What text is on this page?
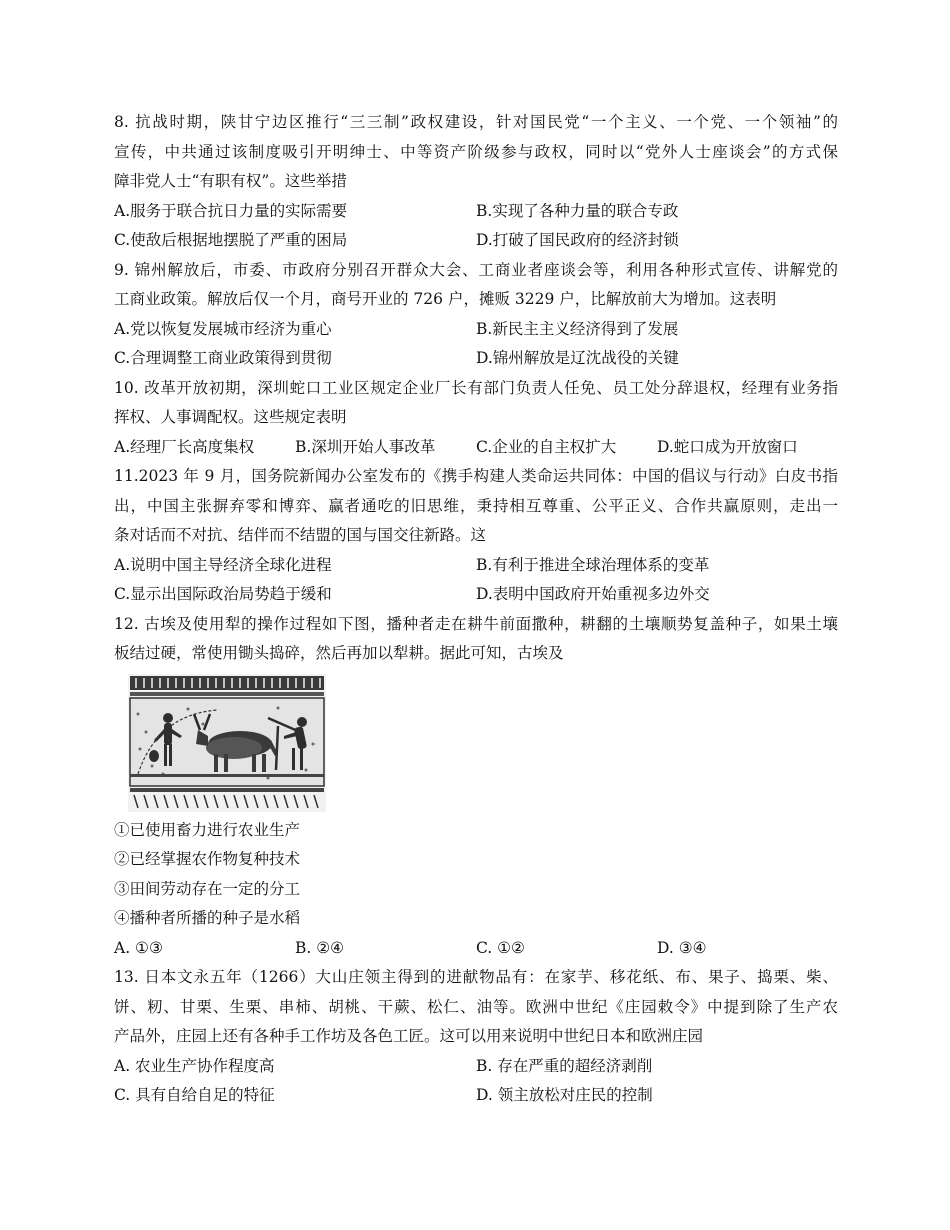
8. 抗战时期，陕甘宁边区推行“三三制”政权建设，针对国民党“一个主义、一个党、一个领袖”的
宣传，中共通过该制度吸引开明绅士、中等资产阶级参与政权，同时以“党外人士座谈会”的方式保
障非党人士“有职有权”。这些举措
A.服务于联合抗日力量的实际需要	B.实现了各种力量的联合专政
C.使敌后根据地摆脱了严重的困局	D.打破了国民政府的经济封锁
9. 锦州解放后，市委、市政府分别召开群众大会、工商业者座谈会等，利用各种形式宣传、讲解党的
工商业政策。解放后仅一个月，商号开业的 726 户，摊贩 3229 户，比解放前大为增加。这表明
A.党以恢复发展城市经济为重心	B.新民主主义经济得到了发展
C.合理调整工商业政策得到贯彻	D.锦州解放是辽沈战役的关键
10. 改革开放初期，深圳蛇口工业区规定企业厂长有部门负责人任免、员工处分辞退权，经理有业务指
挥权、人事调配权。这些规定表明
A.经理厂长高度集权	B.深圳开始人事改革	C.企业的自主权扩大	D.蛇口成为开放窗口
11.2023 年 9 月，国务院新闻办公室发布的《携手构建人类命运共同体：中国的倡议与行动》白皮书指
出，中国主张摒弃零和博弈、赢者通吃的旧思维，秉持相互尊重、公平正义、合作共赢原则，走出一
条对话而不对抗、结伴而不结盟的国与国交往新路。这
A.说明中国主导经济全球化进程	B.有利于推进全球治理体系的变革
C.显示出国际政治局势趋于缓和	D.表明中国政府开始重视多边外交
12. 古埃及使用犁的操作过程如下图，播种者走在耕牛前面撒种，耕翻的土壤顺势复盖种子，如果土壤
板结过硬，常使用锄头捣碎，然后再加以犁耕。据此可知，古埃及
①已使用畜力进行农业生产
②已经掌握农作物复种技术
③田间劳动存在一定的分工
④播种者所播的种子是水稻
A. ①③	B. ②④	C. ①②	D. ③④
13. 日本文永五年（1266）大山庄领主得到的进献物品有：在家芋、移花纸、布、果子、捣栗、柴、
饼、籾、甘栗、生栗、串柿、胡桃、干蕨、松仁、油等。欧洲中世纪《庄园敕令》中提到除了生产农
产品外，庄园上还有各种手工作坊及各色工匠。这可以用来说明中世纪日本和欧洲庄园
A. 农业生产协作程度高	B. 存在严重的超经济剥削
C. 具有自给自足的特征	D. 领主放松对庄民的控制
